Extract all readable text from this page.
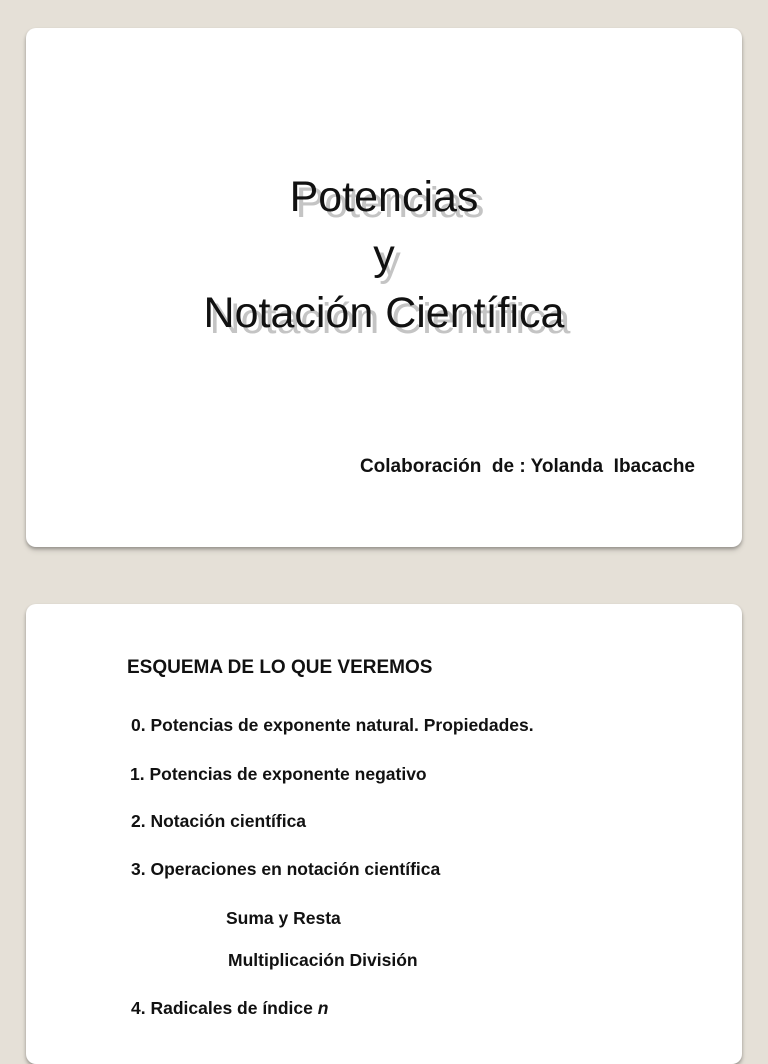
Potencias
y
Notación Científica
Colaboración  de : Yolanda  Ibacache
ESQUEMA DE LO QUE VEREMOS
0. Potencias de exponente natural. Propiedades.
1. Potencias de exponente negativo
2. Notación científica
3. Operaciones en notación científica
Suma y Resta
Multiplicación División
4. Radicales de índice n
